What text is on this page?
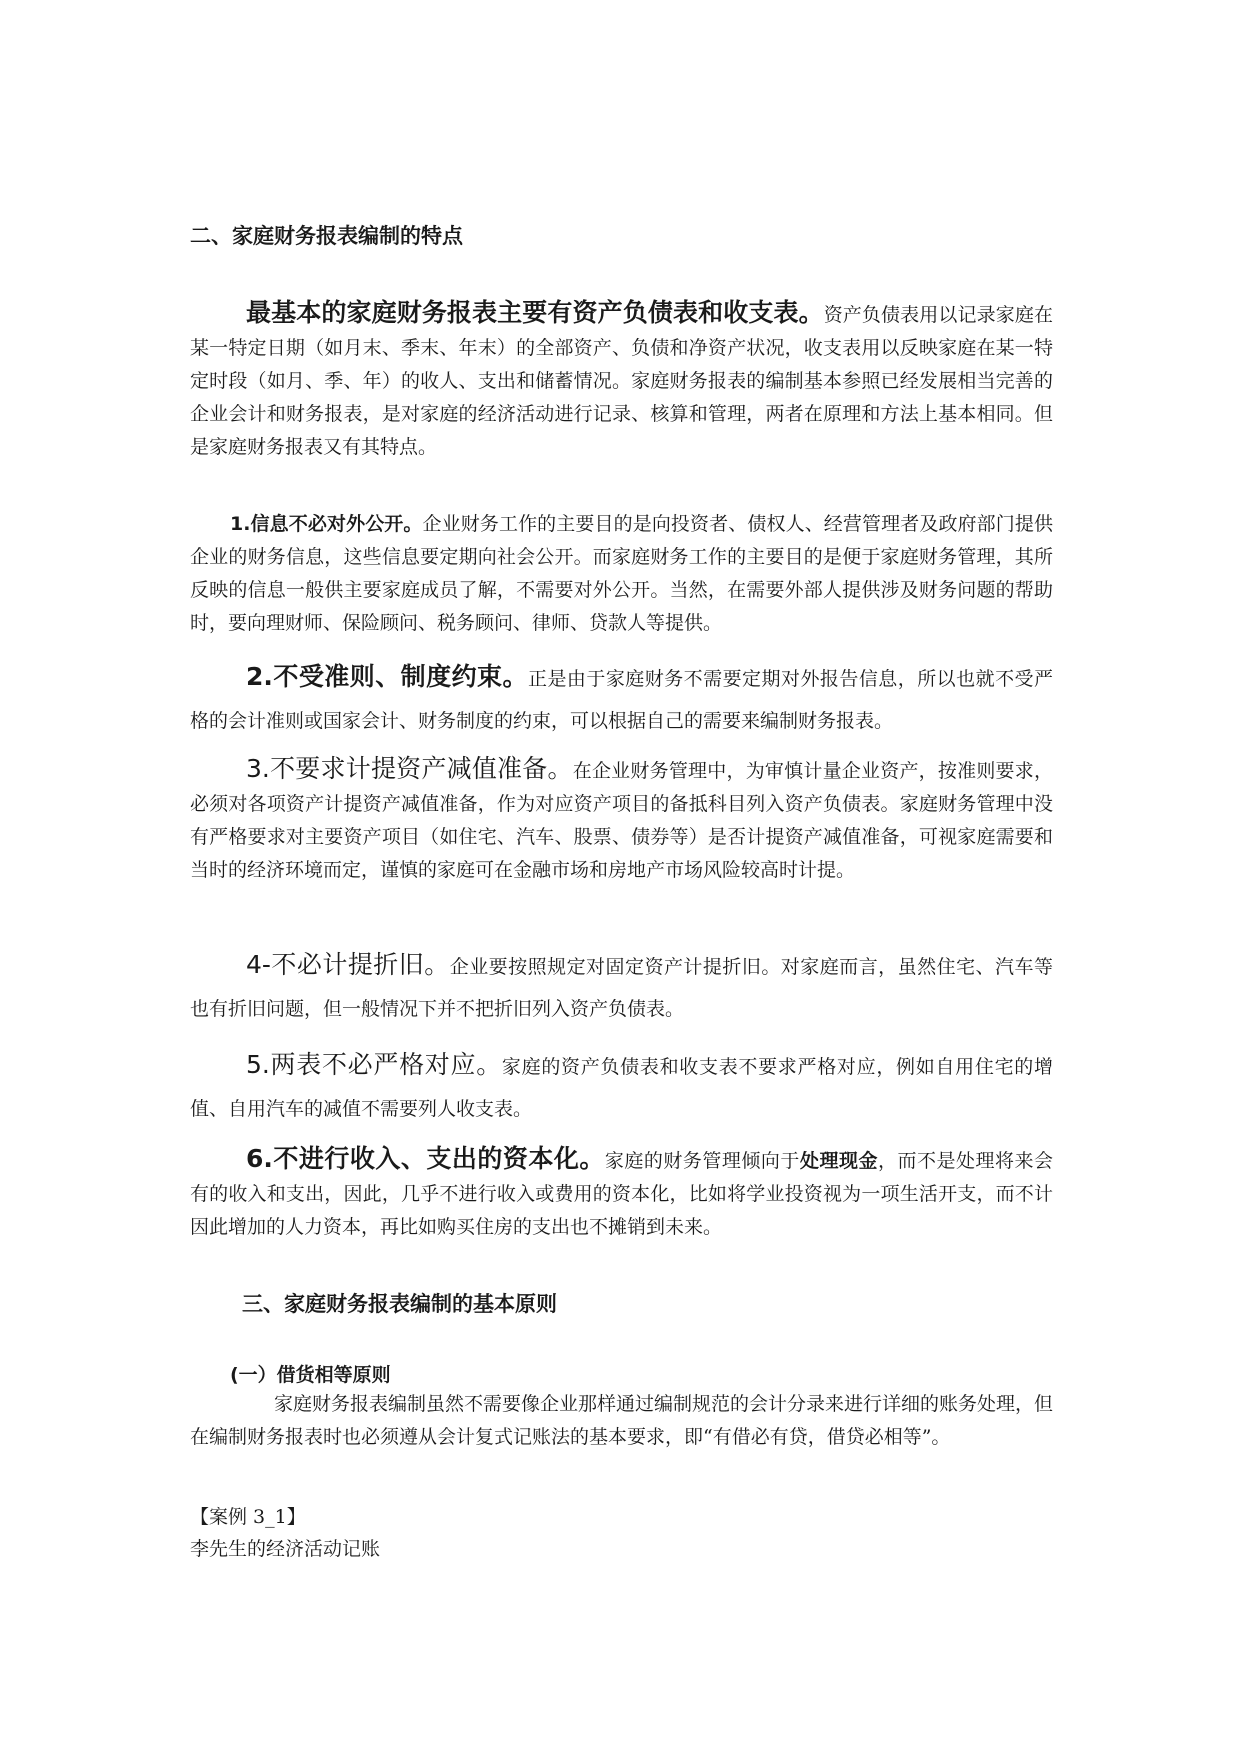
二、家庭财务报表编制的特点

最基本的家庭财务报表主要有资产负债表和收支表。资产负债表用以记录家庭在某一特定日期（如月末、季末、年末）的全部资产、负债和净资产状况，收支表用以反映家庭在某一特定时段（如月、季、年）的收人、支出和储蓄情况。家庭财务报表的编制基本参照已经发展相当完善的企业会计和财务报表，是对家庭的经济活动进行记录、核算和管理，两者在原理和方法上基本相同。但是家庭财务报表又有其特点。

1.信息不必对外公开。企业财务工作的主要目的是向投资者、债权人、经营管理者及政府部门提供企业的财务信息，这些信息要定期向社会公开。而家庭财务工作的主要目的是便于家庭财务管理，其所反映的信息一般供主要家庭成员了解，不需要对外公开。当然，在需要外部人提供涉及财务问题的帮助时，要向理财师、保险顾问、税务顾问、律师、贷款人等提供。

2.不受准则、制度约束。正是由于家庭财务不需要定期对外报告信息，所以也就不受严格的会计准则或国家会计、财务制度的约束，可以根据自己的需要来编制财务报表。

3.不要求计提资产减值准备。在企业财务管理中，为审慎计量企业资产，按准则要求，必须对各项资产计提资产减值准备，作为对应资产项目的备抵科目列入资产负债表。家庭财务管理中没有严格要求对主要资产项目（如住宅、汽车、股票、债券等）是否计提资产减值准备，可视家庭需要和当时的经济环境而定，谨慎的家庭可在金融市场和房地产市场风险较高时计提。

4-不必计提折旧。企业要按照规定对固定资产计提折旧。对家庭而言，虽然住宅、汽车等也有折旧问题，但一般情况下并不把折旧列入资产负债表。

5.两表不必严格对应。家庭的资产负债表和收支表不要求严格对应，例如自用住宅的增值、自用汽车的减值不需要列人收支表。

6.不进行收入、支出的资本化。家庭的财务管理倾向于处理现金，而不是处理将来会有的收入和支出，因此，几乎不进行收入或费用的资本化，比如将学业投资视为一项生活开支，而不计因此增加的人力资本，再比如购买住房的支出也不摊销到未来。

三、家庭财务报表编制的基本原则
(一）借货相等原则

家庭财务报表编制虽然不需要像企业那样通过编制规范的会计分录来进行详细的账务处理，但在编制财务报表时也必须遵从会计复式记账法的基本要求，即“有借必有贷，借贷必相等”。

【案例 3_1】
李先生的经济活动记账
